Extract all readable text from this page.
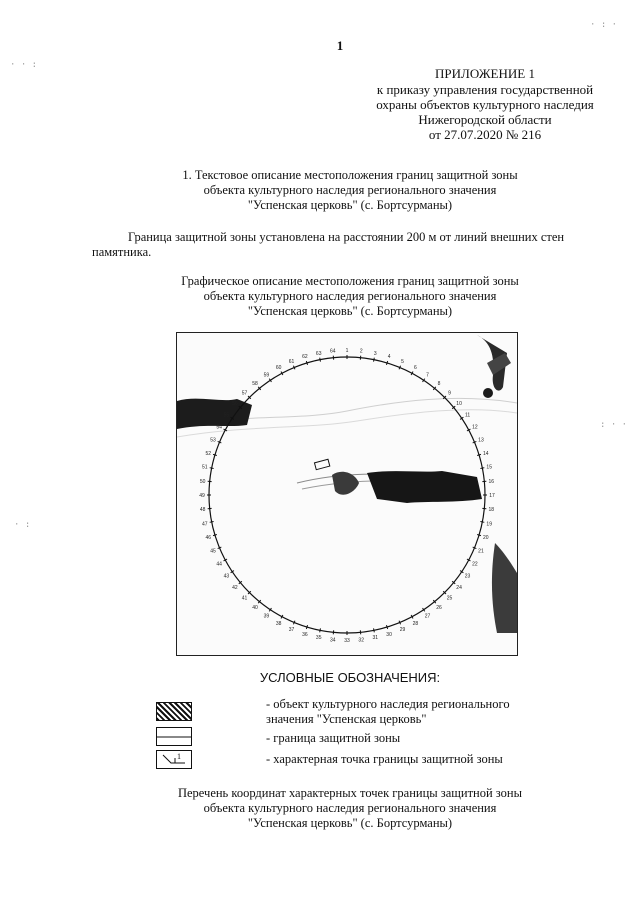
1
ПРИЛОЖЕНИЕ 1
к приказу управления государственной
охраны объектов культурного наследия
Нижегородской области
от 27.07.2020 № 216
1. Текстовое описание местоположения границ защитной зоны
объекта культурного наследия регионального значения
"Успенская церковь" (с. Бортсурманы)
Граница защитной зоны установлена на расстоянии 200 м от линий внешних стен памятника.
Графическое описание местоположения границ защитной зоны
объекта культурного наследия регионального значения
"Успенская церковь" (с. Бортсурманы)
1 2 3
4
5
6
7
8
9
10
11
12
13
14
15
16
17
18
19
20
21
22
23
24
25
26
27
28
29
30
31
32
33
34
35
36
37
38
39
40
41
42
43
44
45
46
47
48
49
50
51
52
53
54
55
56
57
58
59
60
61
62
63 64
УСЛОВНЫЕ ОБОЗНАЧЕНИЯ:
1
- объект культурного наследия регионального
значения "Успенская церковь"
- граница защитной зоны
- характерная точка границы защитной зоны
Перечень координат характерных точек границы защитной зоны
объекта культурного наследия регионального значения
"Успенская церковь" (с. Бортсурманы)
· : ·
· · :
: · ·
· :
